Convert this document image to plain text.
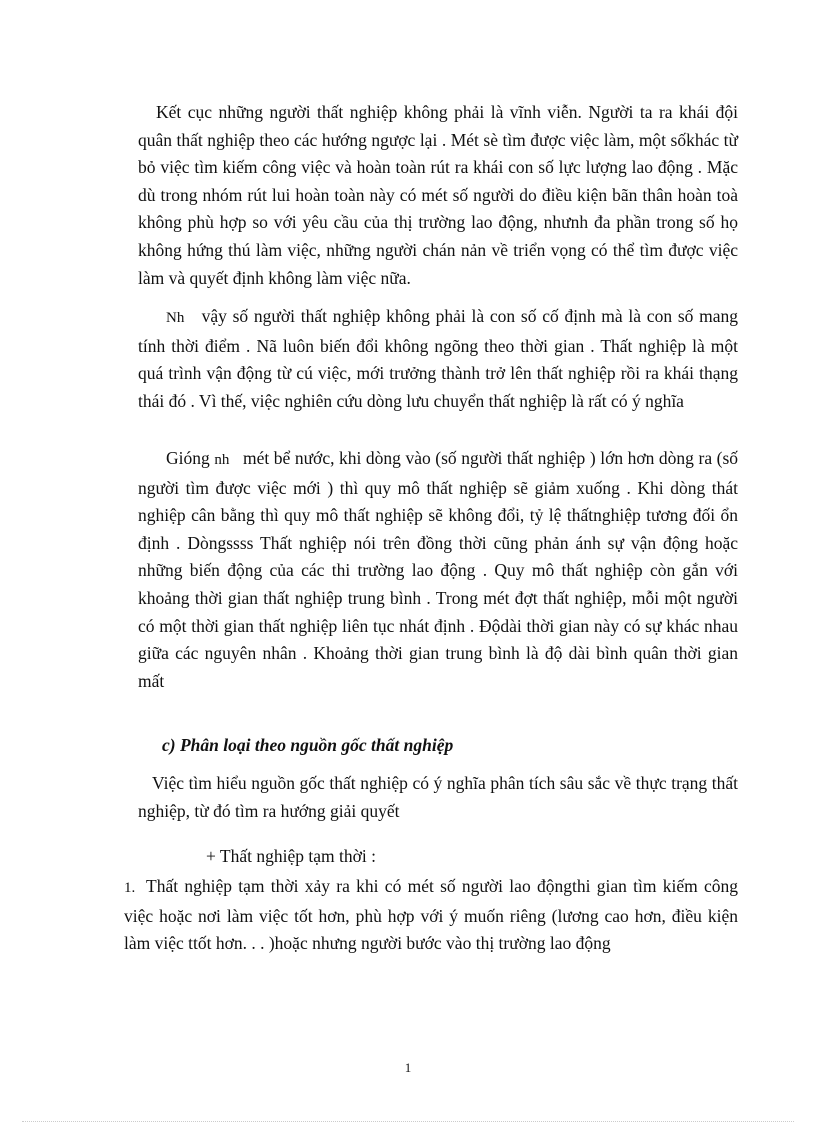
Kết cục những người thất nghiệp không phải là vĩnh viễn. Người ta ra khái đội quân thất nghiệp theo các hướng ngược lại . Mét sè tìm được việc làm, một sốkhác từ bỏ việc tìm kiếm công việc và hoàn toàn rút ra khái con số lực lượng lao động . Mặc dù trong nhóm rút lui hoàn toàn này có mét số người do điều kiện bãn thân hoàn toà không phù hợp so với yêu cầu của thị trường lao động, nhưnh đa phần trong số họ không hứng thú làm việc, những người chán nản về triển vọng có thể tìm được việc làm và quyết định không làm việc nữa.

Nh vậy số người thất nghiệp không phải là con số cố định mà là con số mang tính thời điểm . Nã luôn biến đổi không ngõng theo thời gian . Thất nghiệp là một quá trình vận động từ cú việc, mới trưởng thành trở lên thất nghiệp rồi ra khái thạng thái đó . Vì thế, việc nghiên cứu dòng lưu chuyển thất nghiệp là rất có ý nghĩa

Gióng nh mét bể nước, khi dòng vào (số người thất nghiệp ) lớn hơn dòng ra (số người tìm được việc mới ) thì quy mô thất nghiệp sẽ giảm xuống . Khi dòng thát nghiệp cân bằng thì quy mô thất nghiệp sẽ không đổi, tỷ lệ thấtnghiệp tương đối ổn định . Dòngssss Thất nghiệp nói trên đồng thời cũng phản ánh sự vận động hoặc những biến động của các thi trường lao động . Quy mô thất nghiệp còn gắn với khoảng thời gian thất nghiệp trung bình . Trong mét đợt thất nghiệp, mỗi một người có một thời gian thất nghiệp liên tục nhát định . Độdài thời gian này có sự khác nhau giữa các nguyên nhân . Khoảng thời gian trung bình là độ dài bình quân thời gian mất

c) Phân loại theo nguồn gốc thất nghiệp

Việc tìm hiểu nguồn gốc thất nghiệp có ý nghĩa phân tích sâu sắc về thực trạng thất nghiệp, từ đó tìm ra hướng giải quyết

+ Thất nghiệp tạm thời :

1. Thất nghiệp tạm thời xảy ra khi có mét số người lao độngthi gian tìm kiếm công việc hoặc nơi làm việc tốt hơn, phù hợp với ý muốn riêng (lương cao hơn, điều kiện làm việc ttốt hơn. . . )hoặc nhưng người bước vào thị trường lao động

1
